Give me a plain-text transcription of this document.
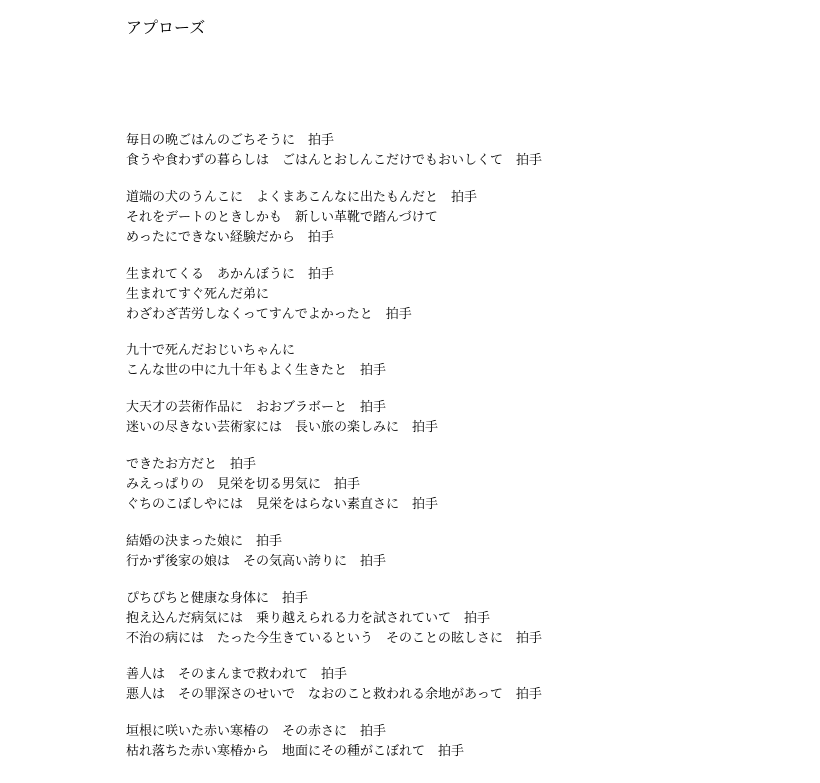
アプローズ
毎日の晩ごはんのごちそうに　拍手
食うや食わずの暮らしは　ごはんとおしんこだけでもおいしくて　拍手
道端の犬のうんこに　よくまあこんなに出たもんだと　拍手
それをデートのときしかも　新しい革靴で踏んづけて
めったにできない経験だから　拍手
生まれてくる　あかんぼうに　拍手
生まれてすぐ死んだ弟に
わざわざ苦労しなくってすんでよかったと　拍手
九十で死んだおじいちゃんに
こんな世の中に九十年もよく生きたと　拍手
大天才の芸術作品に　おおブラボーと　拍手
迷いの尽きない芸術家には　長い旅の楽しみに　拍手
できたお方だと　拍手
みえっぱりの　見栄を切る男気に　拍手
ぐちのこぼしやには　見栄をはらない素直さに　拍手
結婚の決まった娘に　拍手
行かず後家の娘は　その気高い誇りに　拍手
ぴちぴちと健康な身体に　拍手
抱え込んだ病気には　乗り越えられる力を試されていて　拍手
不治の病には　たった今生きているという　そのことの眩しさに　拍手
善人は　そのまんまで救われて　拍手
悪人は　その罪深さのせいで　なおのこと救われる余地があって　拍手
垣根に咲いた赤い寒椿の　その赤さに　拍手
枯れ落ちた赤い寒椿から　地面にその種がこぼれて　拍手
